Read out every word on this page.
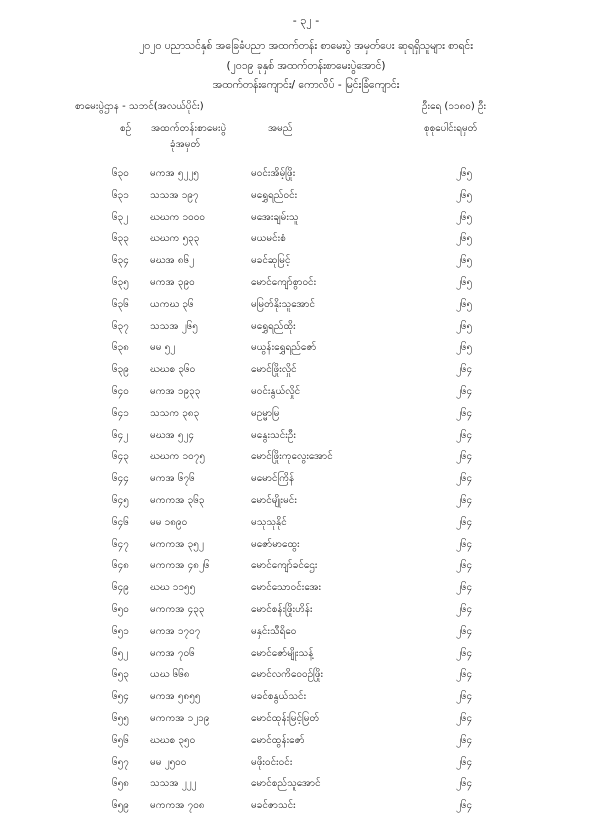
- ၃၂ -
၂၀၂၀ ပညာသင်နှစ် အခြေခံပညာ အထက်တန်း စာမေးပွဲ အမှတ်ပေး ဆုရရှိသူများ စာရင်း
(၂၀၁၉ ခုနှစ် အထက်တန်းစာမေးပွဲအောင်)
အထက်တန်းကျောင်း/ ကောလိပ် - မြင်းခြံကျောင်း
စာမေးပွဲဌာန - သဘင်(အလယ်ပိုင်း)	ဦးရေ (၁၁၈၀) ဦး
စဉ် အထက်တန်းစာမေးပွဲ
ခုံအမှတ်
အမည်	စုစုပေါင်းရမှတ်
၆၃၀ မကအ ၅၂၂၅	မဝင်းအိမ့်ဖြိုး	၂၆၅
၆၃၁ သသအ ၁၉၇	မရွှေရည်ဝင်း	၂၆၅
၆၃၂ ဃဃက ၁၀၀၀	မအေးချမ်းသူ	၂၆၅
၆၃၃ ဃဃက ၅၃၃	မယမင်းစံ	၂၆၅
၆၃၄ မဃအ ၈၆၂	မခင်ဆုမြင့်	၂၆၅
၆၃၅ မကအ ၃၉၀	မောင်ကျော်စွာဝင်း	၂၆၅
၆၃၆ ယကဃ ၃၆	မမြတ်နိုးသူအောင်	၂၆၅
၆၃၇ သသအ ၂၆၅	မရွှေရည်ထိုး	၂၆၅
၆၃၈ မမ ၅၂	မယွန်းရွှေရည်ဇော်	၂၆၅
၆၃၉ ဃဃစ ၃၆၀	မောင်ဖြိုးလှိုင်	၂၆၄
၆၄၀ မကအ ၁၉၃၃	မဝင်းနွယ်လှိုင်	၂၆၄
၆၄၁ သသက ၃၈၃	မဥမ္မာမြ	၂၆၄
၆၄၂ မဃအ ၅၂၄	မနွေးသင်းဦး	၂၆၄
၆၄၃ ဃဃက ၁၀၇၅	မောင်ဖြိုးကုလွေးအောင်	၂၆၄
၆၄၄ မကအ ၆၇၆	မမောင်ကြိန်	၂၆၄
၆၄၅ မကကအ ၃၆၃	မောင်မျိုးမင်း	၂၆၄
၆၄၆ မမ ၁၈၉၀	မသုသုနိုင်	၂၆၄
၆၄၇ မကကအ ၃၅၂	မဇော်မာထွေး	၂၆၄
၆၄၈ မကကအ ၄၈၂၆	မောင်ကျော်ခင်ဌေး	၂၆၄
၆၄၉ ဃဃ ၁၁၅၅	မောင်သောဝင်းအေး	၂၆၄
၆၅၀ မကကအ ၄၃၃	မောင်စန်းဖြိုးဟိန်း	၂၆၄
၆၅၁ မကအ ၁၇၀၇	မနှင်းသီရိဝေ	၂၆၄
၆၅၂ မကအ ၇၀၆	မောင်ဇော်မျိုးသန့်	၂၆၄
၆၅၃ ယဃ ၆၆၈	မောင်လကိဝေဝဉ်ဖြိုး	၂၆၄
၆၅၄ မကအ ၅၈၅၅	မခင်စနွယ်သင်း	၂၆၄
၆၅၅ မကကအ ၁၂၁၉	မောင်ထုန်းမြင့်မြတ်	၂၆၄
၆၅၆ ဃဃစ ၃၅၀	မောင်ထွန်းဇော်	၂၆၄
၆၅၇ မမ ၂၅၀၀	မဖိုးဝင်းဝင်း	၂၆၄
၆၅၈ သသအ ၂၂၂	မောင်စည်သူအောင်	၂၆၄
၆၅၉ မကကအ ၇၀၈	မခင်ဇာသင်း	၂၆၄
